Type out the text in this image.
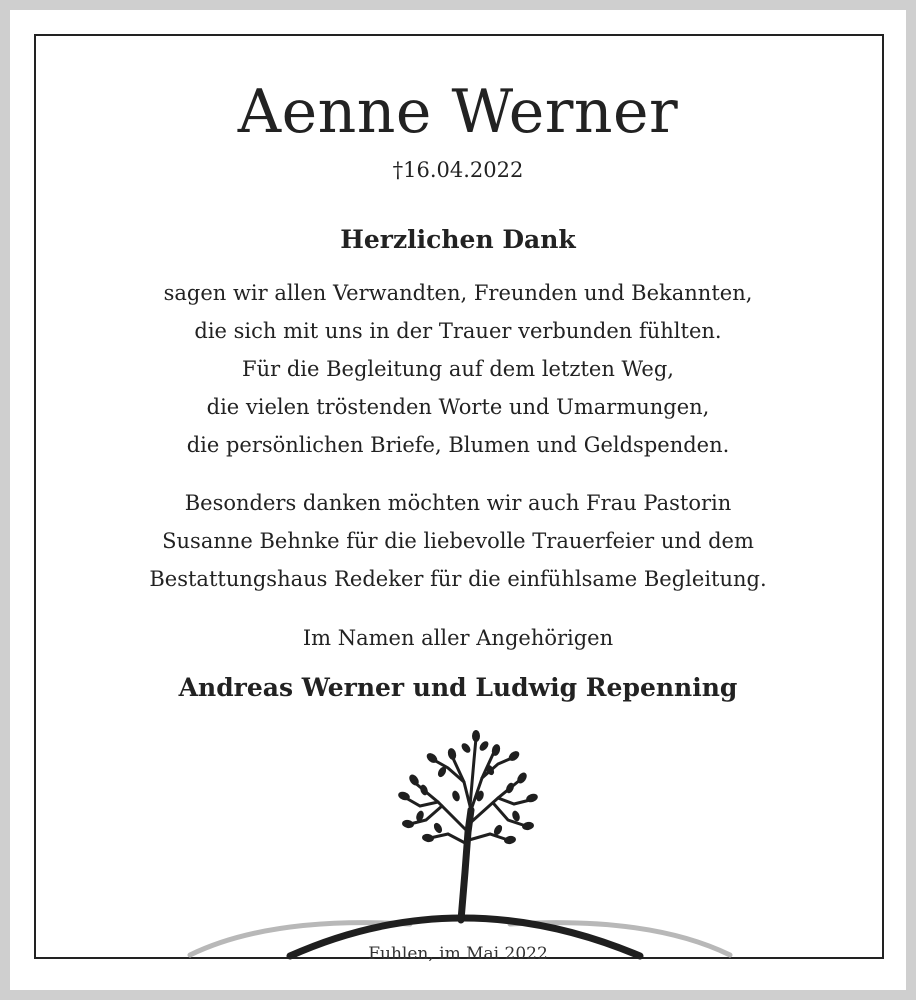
Aenne Werner
†16.04.2022
Herzlichen Dank
sagen wir allen Verwandten, Freunden und Bekannten,
die sich mit uns in der Trauer verbunden fühlten.
Für die Begleitung auf dem letzten Weg,
die vielen tröstenden Worte und Umarmungen,
die persönlichen Briefe, Blumen und Geldspenden.
Besonders danken möchten wir auch Frau Pastorin
Susanne Behnke für die liebevolle Trauerfeier und dem
Bestattungshaus Redeker für die einfühlsame Begleitung.
Im Namen aller Angehörigen
Andreas Werner und Ludwig Repenning
Fuhlen, im Mai 2022
